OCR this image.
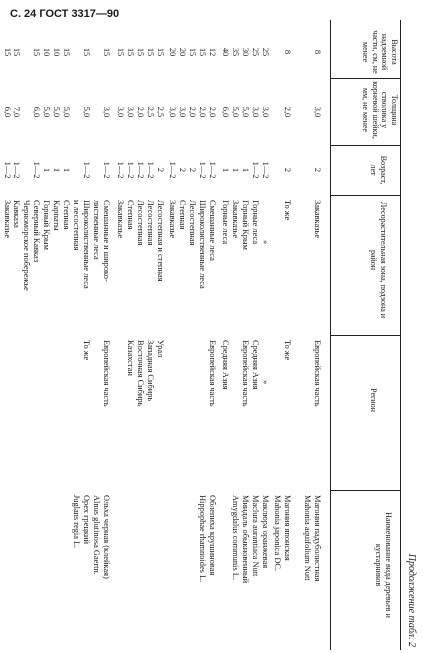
С. 24 ГОСТ 3317—90
Продолжение табл. 2
Наименование вида деревьев и кустарников
Регион
Лесорастительная зона, подзона и район
Возраст, лет
Толщина стволика у корневой шейки, мм, не менее
Высота надземной части, см, не менее
Магония падуболистная
Европейская часть
Закавказье
2
3,0
8
Mahonia aquifolium Nutt
Магония японская
То же
То же
2
2,0
8
Mahonia japonica DC.
Маклюра оранжевая
»
»
1—2
3,0
25
Maclura aurantiaca Nutt
Средняя Азия
Горные леса
1—2
3,0
25
Миндаль обыкновенный
Европейская часть
Горный Крым
1
5,0
30
Amygdalus communis L.
Закавказье
1
5,0
35
Средняя Азия
Горные леса
1
6,0
40
Облепиха крушиновая
Европейская часть
Смешанные леса
1—2
2,0
12
Hippophae rhamnoides L.
Широколиственные леса
1—2
2,0
15
Лесостепная
2
2,0
15
Степная
2
3,0
20
Закавказье
1—2
3,0
20
Урал
Лесостепная и степная
2
2,5
15
Западная Сибирь
Лесостепная
1—2
2,5
15
Восточная Сибирь
Лесостепная
1—2
2,0
15
Казахстан
Степная
1—2
3,0
15
Закавказье
1—2
3,0
15
Ольха черная (клейкая)
Европейская часть
Смешанные и широко-
1—2
3,0
15
Alnus glutinosa Gaertn.
лиственные леса
Орех грецкий
То же
Широколиственные леса
1—2
5,0
15
Juglans regia L.
и лесостепная
Степная
1
5,0
15
Карпаты
1
5,0
10
Горный Крым
1
5,0
10
Северный Кавказ
1—2
6,0
15
Черноморское побережье
Кавказа
1—2
7,0
15
Закавказье
1—2
6,0
15
